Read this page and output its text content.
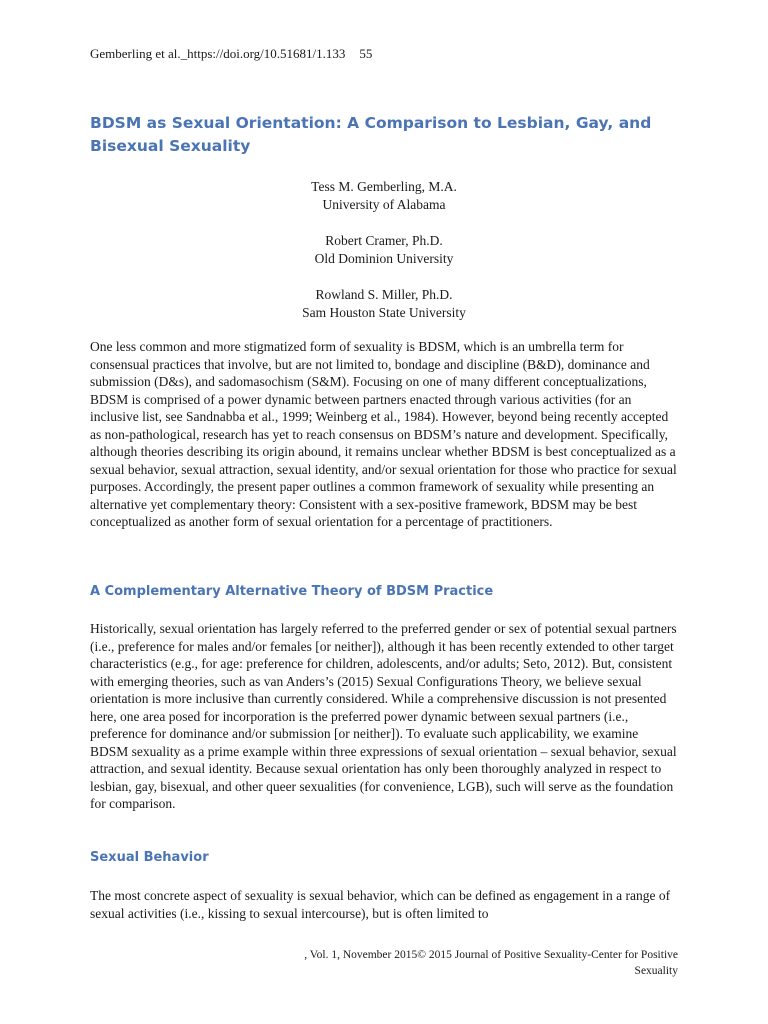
Gemberling et al._https://doi.org/10.51681/1.133 55
BDSM as Sexual Orientation: A Comparison to Lesbian, Gay, and Bisexual Sexuality
Tess M. Gemberling, M.A.
University of Alabama
Robert Cramer, Ph.D.
Old Dominion University
Rowland S. Miller, Ph.D.
Sam Houston State University

One less common and more stigmatized form of sexuality is BDSM, which is an umbrella term for consensual practices that involve, but are not limited to, bondage and discipline (B&D), dominance and submission (D&s), and sadomasochism (S&M). Focusing on one of many different conceptualizations, BDSM is comprised of a power dynamic between partners enacted through various activities (for an inclusive list, see Sandnabba et al., 1999; Weinberg et al., 1984). However, beyond being recently accepted as non-pathological, research has yet to reach consensus on BDSM’s nature and development. Specifically, although theories describing its origin abound, it remains unclear whether BDSM is best conceptualized as a sexual behavior, sexual attraction, sexual identity, and/or sexual orientation for those who practice for sexual purposes. Accordingly, the present paper outlines a common framework of sexuality while presenting an alternative yet complementary theory: Consistent with a sex-positive framework, BDSM may be best conceptualized as another form of sexual orientation for a percentage of practitioners.

A Complementary Alternative Theory of BDSM Practice

Historically, sexual orientation has largely referred to the preferred gender or sex of potential sexual partners (i.e., preference for males and/or females [or neither]), although it has been recently extended to other target characteristics (e.g., for age: preference for children, adolescents, and/or adults; Seto, 2012). But, consistent with emerging theories, such as van Anders’s (2015) Sexual Configurations Theory, we believe sexual orientation is more inclusive than currently considered. While a comprehensive discussion is not presented here, one area posed for incorporation is the preferred power dynamic between sexual partners (i.e., preference for dominance and/or submission [or neither]). To evaluate such applicability, we examine BDSM sexuality as a prime example within three expressions of sexual orientation – sexual behavior, sexual attraction, and sexual identity. Because sexual orientation has only been thoroughly analyzed in respect to lesbian, gay, bisexual, and other queer sexualities (for convenience, LGB), such will serve as the foundation for comparison.

Sexual Behavior

The most concrete aspect of sexuality is sexual behavior, which can be defined as engagement in a range of sexual activities (i.e., kissing to sexual intercourse), but is often limited to

, Vol. 1, November 2015© 2015 Journal of Positive Sexuality-Center for Positive
Sexuality
